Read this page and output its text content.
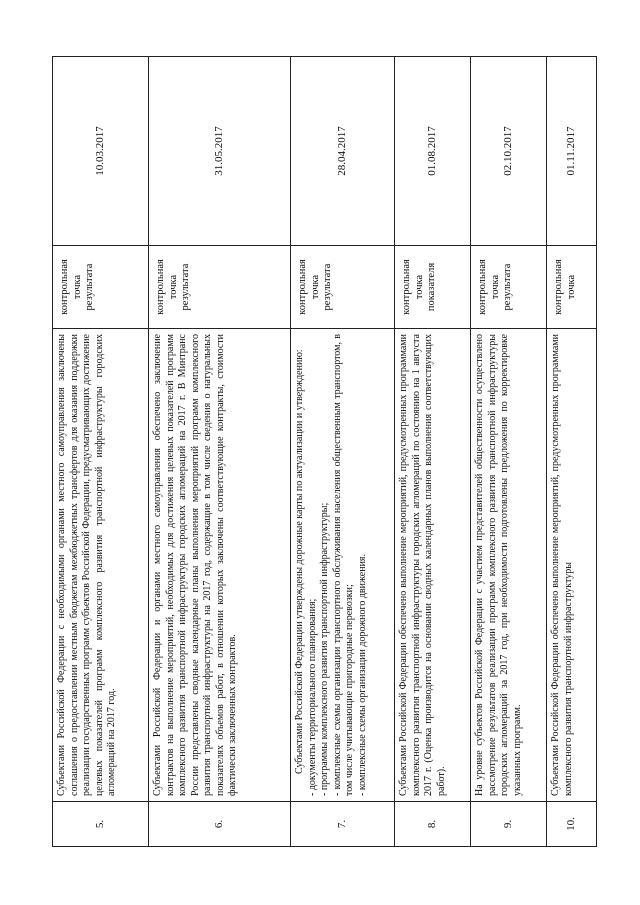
5.	Субъектами Российской Федерации с необходимыми органами местного самоуправления заключены соглашения о предоставлении местным бюджетам межбюджетных трансфертов для оказания поддержки реализации государственных программ субъектов Российской Федерации, предусматривающих достижение целевых показателей программ комплексного развития транспортной инфраструктуры городских агломераций на 2017 год.	контрольная точка результата	10.03.2017
6.	Субъектами Российской Федерации и органами местного самоуправления обеспечено заключение контрактов на выполнение мероприятий, необходимых для достижения целевых показателей программ комплексного развития транспортной инфраструктуры городских агломераций на 2017 г. В Минтранс России представлены сводные календарные планы выполнения мероприятий программ комплексного развития транспортной инфраструктуры на 2017 год, содержащие в том числе сведения о натуральных показателях объемов работ, в отношении которых заключены соответствующие контракты, стоимости фактически заключенных контрактов.	контрольная точка результата	31.05.2017
7.	Субъектами Российской Федерации утверждены дорожные карты по актуализации и утверждению: - документы территориального планирования; - программы комплексного развития транспортной инфраструктуры; - комплексные схемы организации транспортного обслуживания населения общественным транспортом, в том числе учитывающие пригородные перевозки; - комплексные схемы организации дорожного движения.	контрольная точка результата	28.04.2017
8.	Субъектами Российской Федерации обеспечено выполнение мероприятий, предусмотренных программами комплексного развития транспортной инфраструктуры городских агломераций по состоянию на 1 августа 2017 г. (Оценка производится на основании сводных календарных планов выполнения соответствующих работ).	контрольная точка показателя	01.08.2017
9.	На уровне субъектов Российской Федерации с участием представителей общественности осуществлено рассмотрение результатов реализации программ комплексного развития транспортной инфраструктуры городских агломераций за 2017 год, при необходимости подготовлены предложения по корректировке указанных программ.	контрольная точка результата	02.10.2017
10.	Субъектами Российской Федерации обеспечено выполнение мероприятий, предусмотренных программами комплексного развития транспортной инфраструктуры	контрольная точка	01.11.2017
